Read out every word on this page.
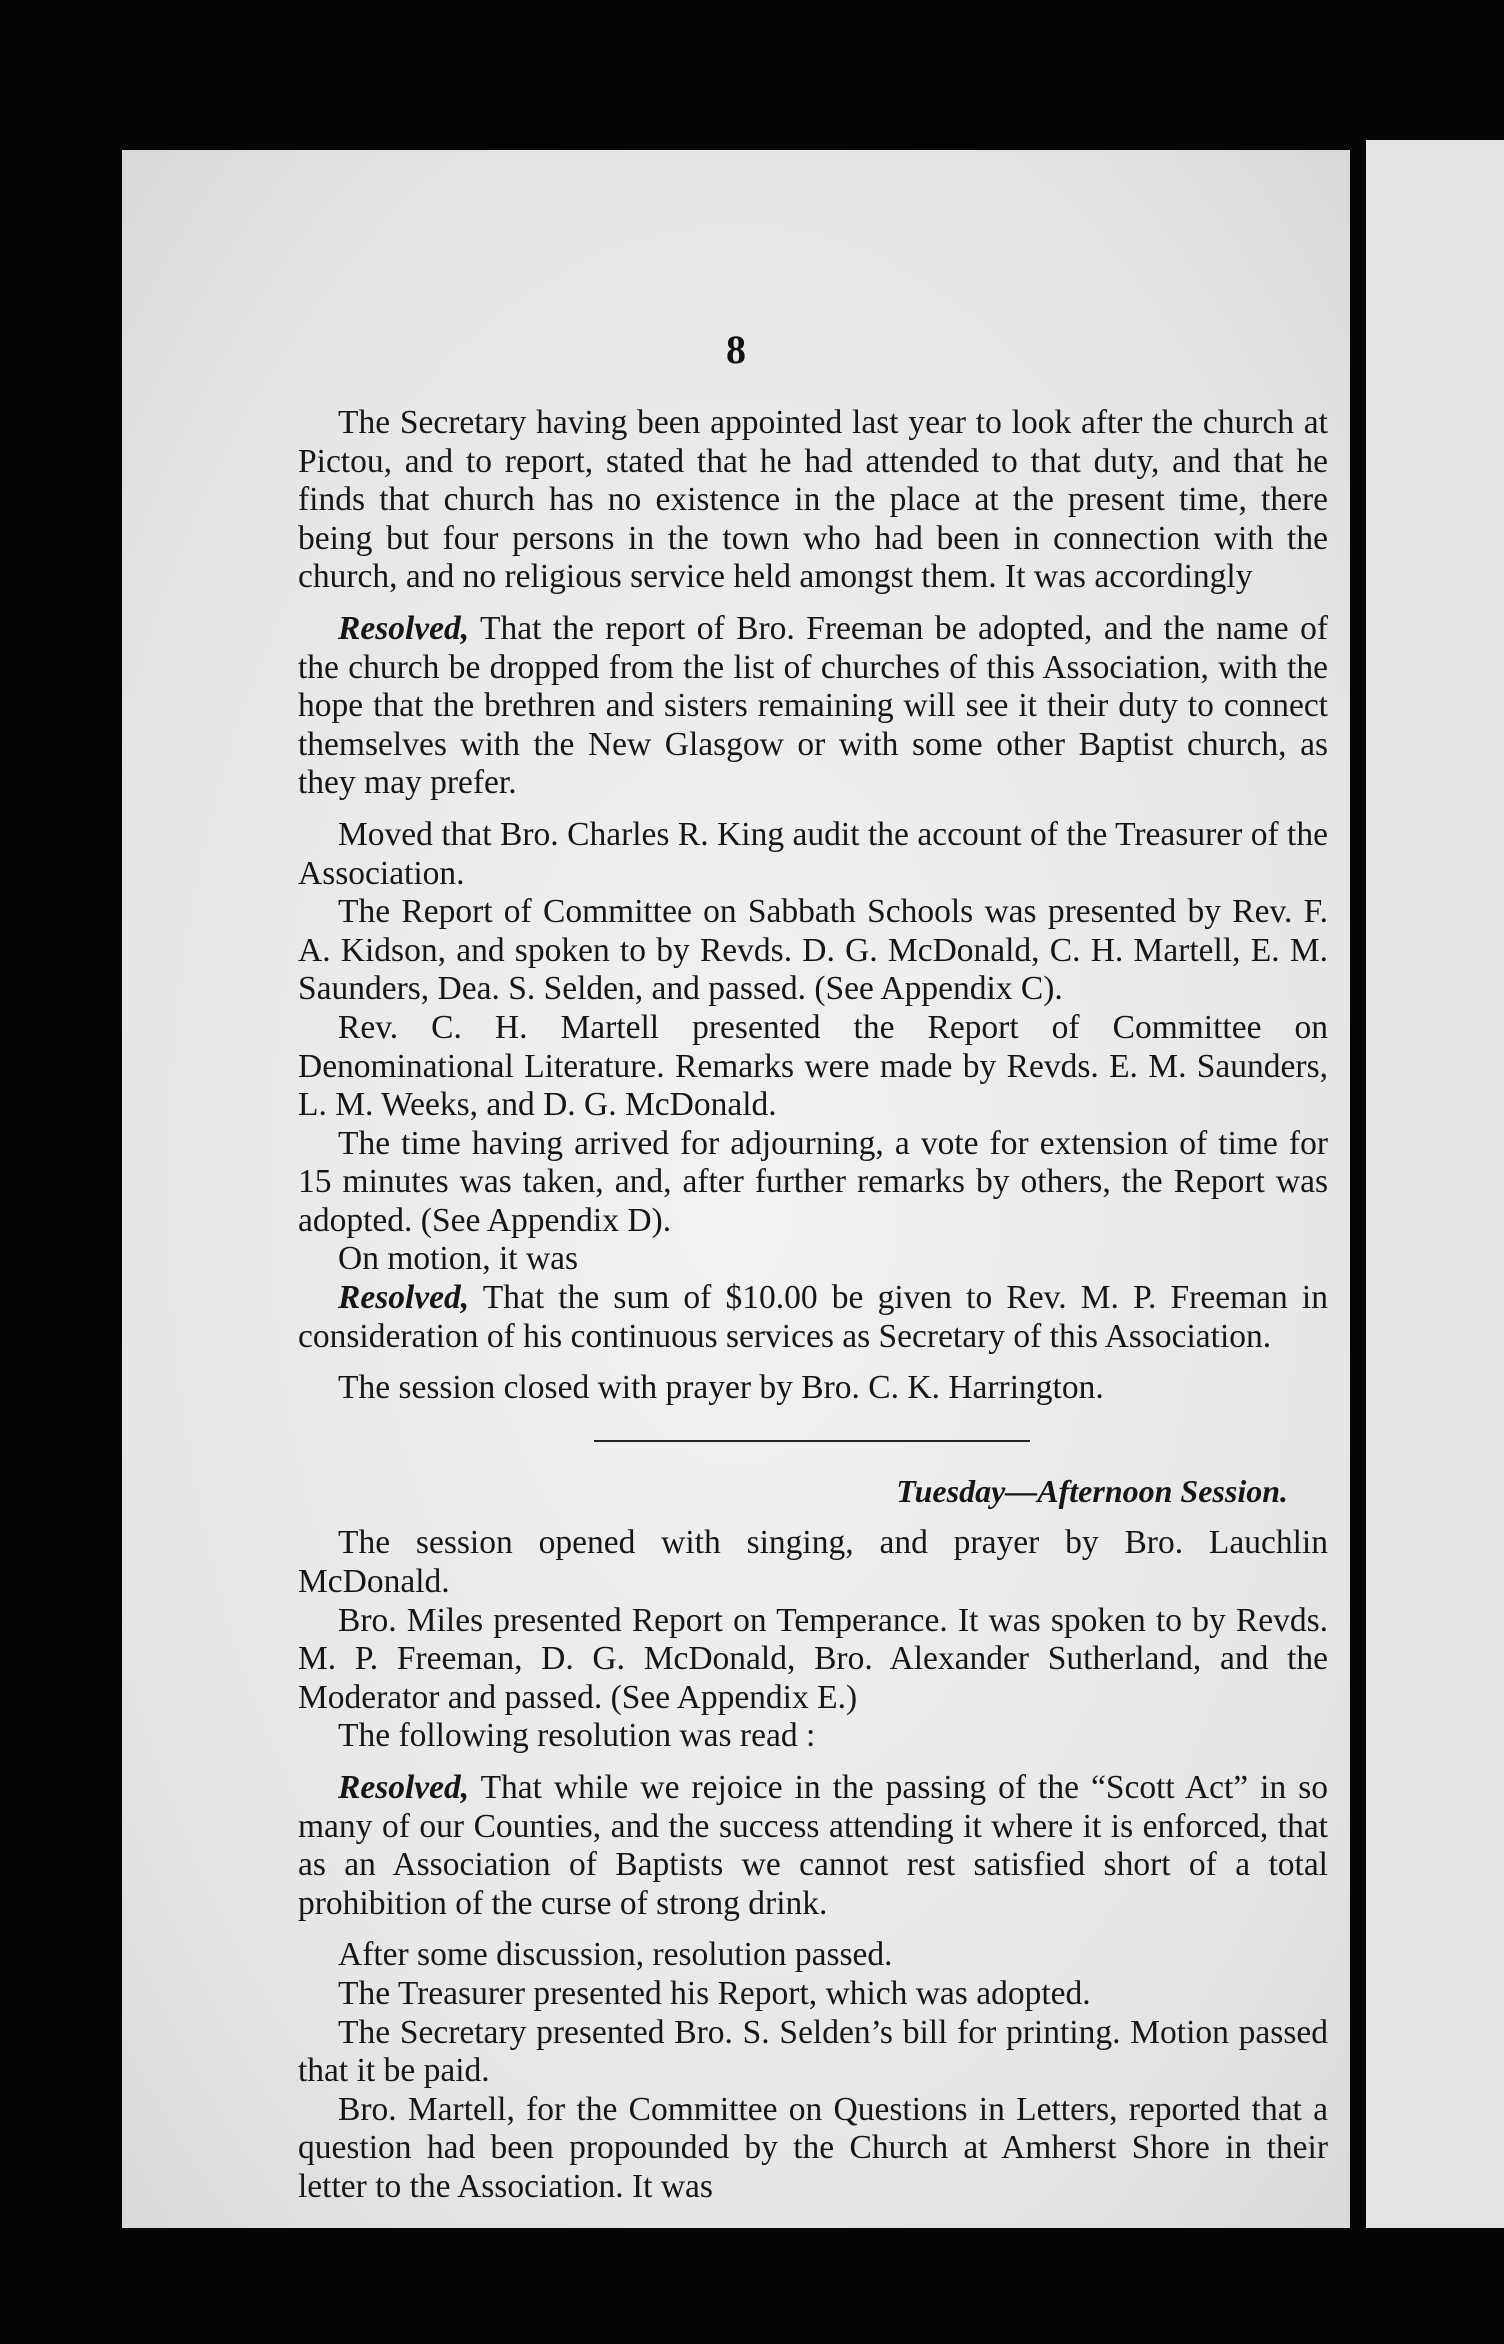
8

The Secretary having been appointed last year to look after the church at Pictou, and to report, stated that he had attended to that duty, and that he finds that church has no existence in the place at the present time, there being but four persons in the town who had been in connection with the church, and no religious service held amongst them. It was accordingly

Resolved, That the report of Bro. Freeman be adopted, and the name of the church be dropped from the list of churches of this Association, with the hope that the brethren and sisters remaining will see it their duty to connect themselves with the New Glasgow or with some other Baptist church, as they may prefer.

Moved that Bro. Charles R. King audit the account of the Treasurer of the Association.

The Report of Committee on Sabbath Schools was presented by Rev. F. A. Kidson, and spoken to by Revds. D. G. McDonald, C. H. Martell, E. M. Saunders, Dea. S. Selden, and passed. (See Appendix C).

Rev. C. H. Martell presented the Report of Committee on Denominational Literature. Remarks were made by Revds. E. M. Saunders, L. M. Weeks, and D. G. McDonald.

The time having arrived for adjourning, a vote for extension of time for 15 minutes was taken, and, after further remarks by others, the Report was adopted. (See Appendix D).

On motion, it was

Resolved, That the sum of $10.00 be given to Rev. M. P. Freeman in consideration of his continuous services as Secretary of this Association.

The session closed with prayer by Bro. C. K. Harrington.

Tuesday—Afternoon Session.

The session opened with singing, and prayer by Bro. Lauchlin McDonald.

Bro. Miles presented Report on Temperance. It was spoken to by Revds. M. P. Freeman, D. G. McDonald, Bro. Alexander Sutherland, and the Moderator and passed. (See Appendix E.)

The following resolution was read :

Resolved, That while we rejoice in the passing of the “Scott Act” in so many of our Counties, and the success attending it where it is enforced, that as an Association of Baptists we cannot rest satisfied short of a total prohibition of the curse of strong drink.

After some discussion, resolution passed.

The Treasurer presented his Report, which was adopted.

The Secretary presented Bro. S. Selden’s bill for printing. Motion passed that it be paid.

Bro. Martell, for the Committee on Questions in Letters, reported that a question had been propounded by the Church at Amherst Shore in their letter to the Association. It was
